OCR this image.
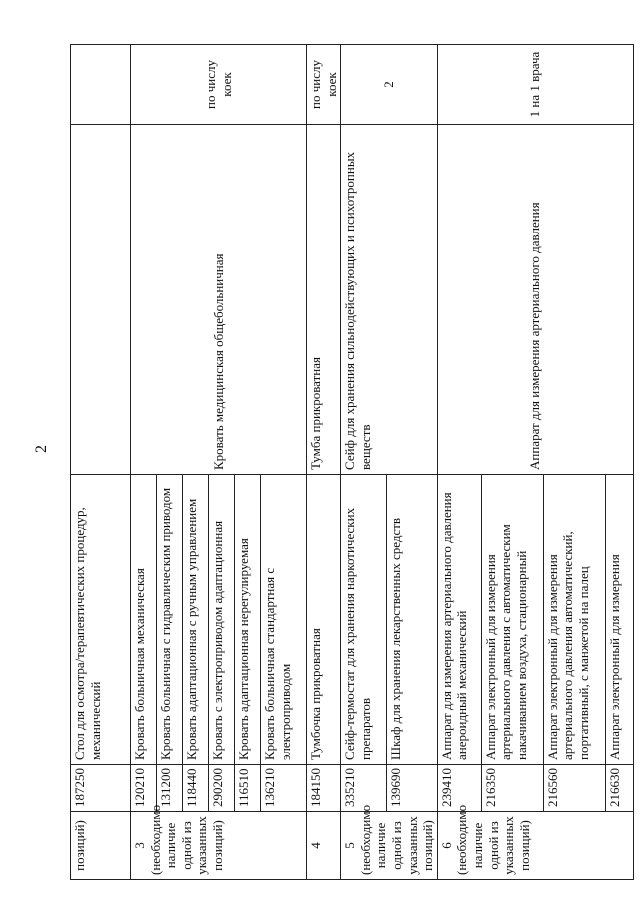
2
позиций)	187250	Стол для осмотра/терапевтических процедур, механический		
3 (необходимо наличие одной из указанных позиций)	120210	Кровать больничная механическая	Кровать медицинская общебольничная	по числу коек
	131200	Кровать больничная с гидравлическим приводом		
	118440	Кровать адаптационная с ручным управлением		
	290200	Кровать с электроприводом адаптационная		
	116510	Кровать адаптационная нерегулируемая		
	136210	Кровать больничная стандартная с электроприводом		
4	184150	Тумбочка прикроватная	Тумба прикроватная	по числу коек
5 (необходимо наличие одной из указанных позиций)	335210	Сейф-термостат для хранения наркотических препаратов	Сейф для хранения сильнодействующих и психотропных веществ	2
	139690	Шкаф для хранения лекарственных средств		
6 (необходимо наличие одной из указанных позиций)	239410	Аппарат для измерения артериального давления анероидный механический	Аппарат для измерения артериального давления	1 на 1 врача
	216350	Аппарат электронный для измерения артериального давления с автоматическим накачиванием воздуха, стационарный		
	216560	Аппарат электронный для измерения артериального давления автоматический, портативный, с манжетой на палец		
	216630	Аппарат электронный для измерения		
